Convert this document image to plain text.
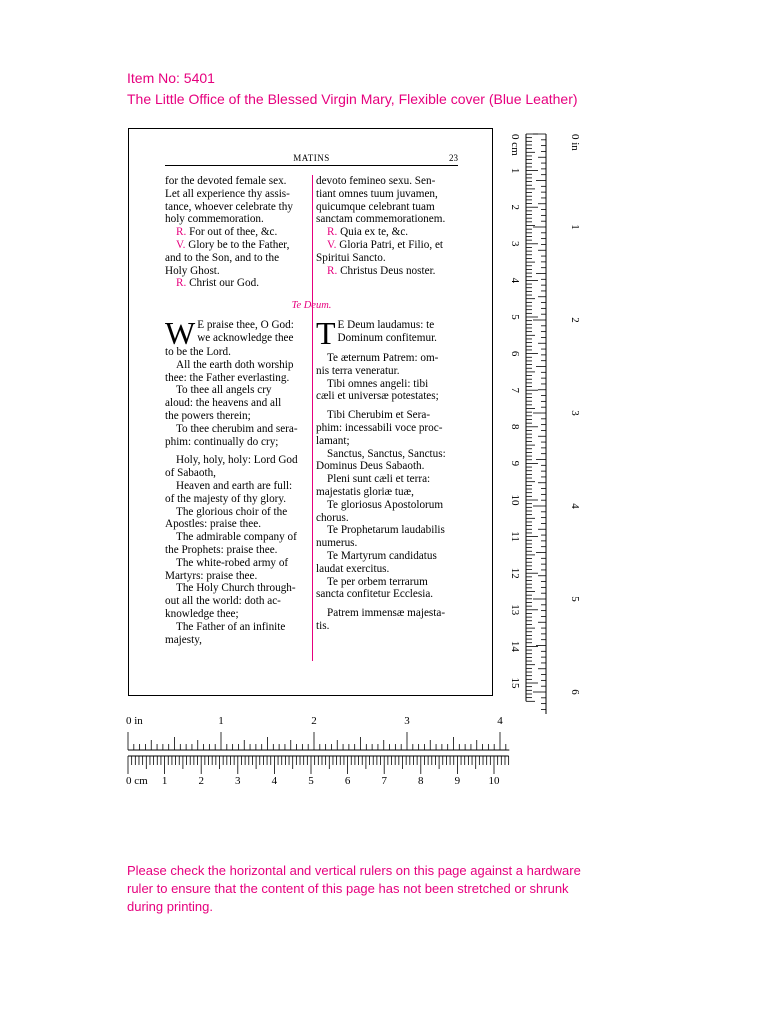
Item No: 5401
The Little Office of the Blessed Virgin Mary, Flexible cover (Blue Leather)
MATINS	23
for the devoted female sex.
Let all experience thy assis-
tance, whoever celebrate thy
holy commemoration.
R. For out of thee, &c.
V. Glory be to the Father,
and to the Son, and to the
Holy Ghost.
R. Christ our God.
devoto femineo sexu. Sen-
tiant omnes tuum juvamen,
quicumque celebrant tuam
sanctam commemorationem.
R. Quia ex te, &c.
V. Gloria Patri, et Filio, et
Spiritui Sancto.
R. Christus Deus noster.
Te Deum.
W E praise thee, O God:
we acknowledge thee
to be the Lord.
All the earth doth worship
thee: the Father everlasting.
To thee all angels cry
aloud: the heavens and all
the powers therein;
To thee cherubim and sera-
phim: continually do cry;
Holy, holy, holy: Lord God
of Sabaoth,
Heaven and earth are full:
of the majesty of thy glory.
The glorious choir of the
Apostles: praise thee.
The admirable company of
the Prophets: praise thee.
The white-robed army of
Martyrs: praise thee.
The Holy Church through-
out all the world: doth ac-
knowledge thee;
The Father of an infinite
majesty,
T E Deum laudamus: te
Dominum confitemur.
Te æternum Patrem: om-
nis terra veneratur.
Tibi omnes angeli: tibi
cæli et universæ potestates;
Tibi Cherubim et Sera-
phim: incessabili voce proc-
lamant;
Sanctus, Sanctus, Sanctus:
Dominus Deus Sabaoth.
Pleni sunt cæli et terra:
majestatis gloriæ tuæ,
Te gloriosus Apostolorum
chorus.
Te Prophetarum laudabilis
numerus.
Te Martyrum candidatus
laudat exercitus.
Te per orbem terrarum
sancta confitetur Ecclesia.
Patrem immensæ majesta-
tis.
0 cm
1
2
3
4
5
6
7
8
9
10
11
12
13
14
15
0 in
1
2
3
4
5
6
0 in	1	2	3	4
0 cm 1	2	3	4	5	6	7	8	9	10
Please check the horizontal and vertical rulers on this page against a hardware ruler to ensure that the content of this page has not been stretched or shrunk during printing.
